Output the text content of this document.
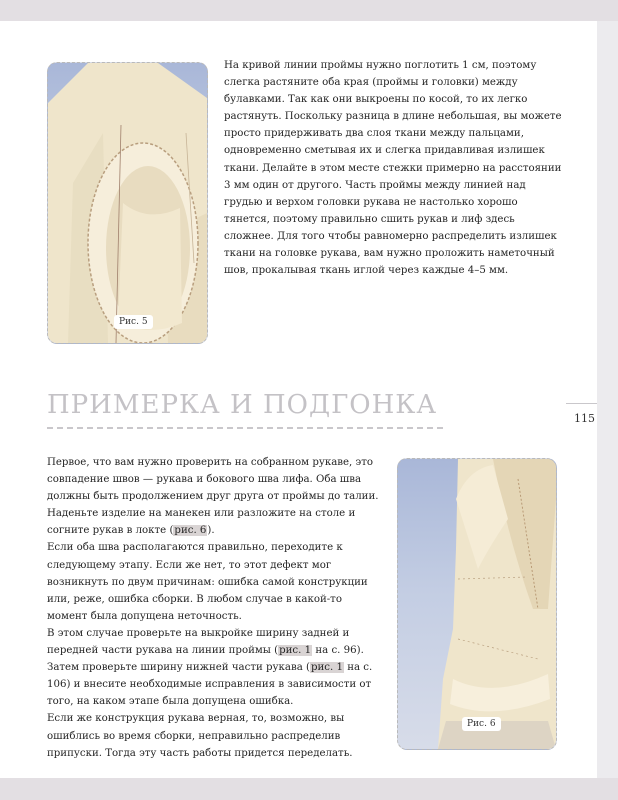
Рис. 5

На кривой линии проймы нужно поглотить 1 см, поэтому слегка растяните оба края (проймы и головки) между булавками. Так как они выкроены по косой, то их легко растянуть. Поскольку разница в длине небольшая, вы можете просто придерживать два слоя ткани между пальцами, одновременно сметывая их и слегка придавливая излишек ткани. Делайте в этом месте стежки примерно на расстоянии 3 мм один от другого. Часть проймы между линией над грудью и верхом головки рукава не настолько хорошо тянется, поэтому правильно сшить рукав и лиф здесь сложнее. Для того чтобы равномерно распределить излишек ткани на головке рукава, вам нужно проложить наметочный шов, прокалывая ткань иглой через каждые 4–5 мм.

ПРИМЕРКА И ПОДГОНКА	115
Первое, что вам нужно проверить на собранном рукаве, это совпадение швов — рукава и бокового шва лифа. Оба шва должны быть продолжением друг друга от проймы до талии. Наденьте изделие на манекен или разложите на столе и согните рукав в локте (рис. 6).
Если оба шва располагаются правильно, переходите к следующему этапу. Если же нет, то этот дефект мог возникнуть по двум причинам: ошибка самой конструкции или, реже, ошибка сборки. В любом случае в какой-то момент была допущена неточность.
В этом случае проверьте на выкройке ширину задней и передней части рукава на линии проймы (рис. 1 на с. 96). Затем проверьте ширину нижней части рукава (рис. 1 на с. 106) и внесите необходимые исправления в зависимости от того, на каком этапе была допущена ошибка.
Если же конструкция рукава верная, то, возможно, вы ошиблись во время сборки, неправильно распределив припуски. Тогда эту часть работы придется переделать.
Рис. 6
